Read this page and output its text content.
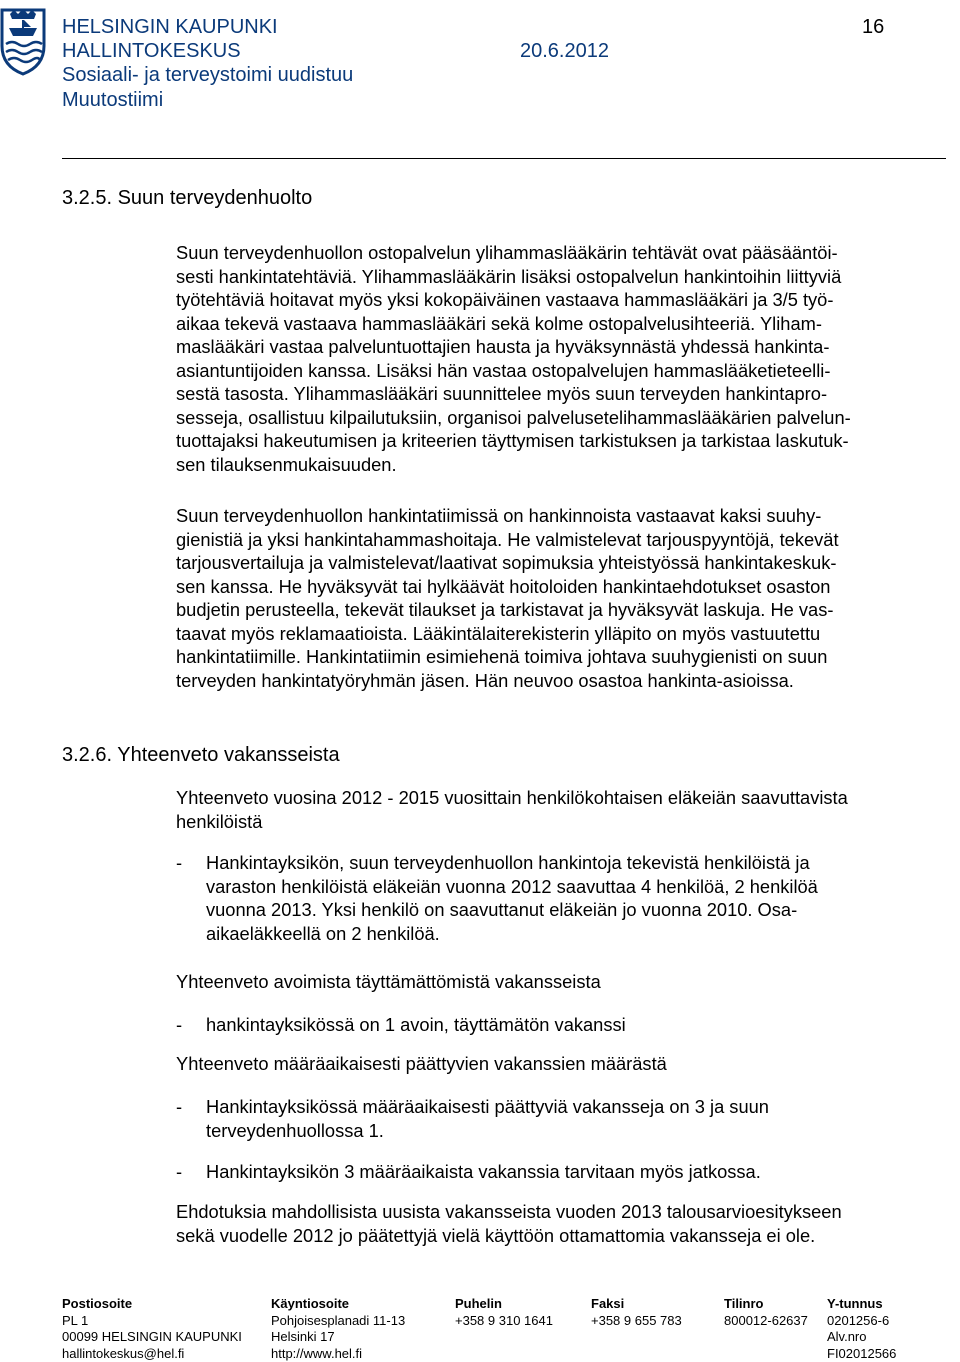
HELSINGIN KAUPUNKI
HALLINTOKESKUS	20.6.2012
Sosiaali- ja terveystoimi uudistuu
Muutostiimi
16
3.2.5. Suun terveydenhuolto
Suun terveydenhuollon ostopalvelun ylihammaslääkärin tehtävät ovat pääsääntöi-
sesti hankintatehtäviä. Ylihammaslääkärin lisäksi ostopalvelun hankintoihin liittyviä
työtehtäviä hoitavat myös yksi kokopäiväinen vastaava hammaslääkäri ja 3/5 työ-
aikaa tekevä vastaava hammaslääkäri sekä kolme ostopalvelusihteeriä. Yliham-
maslääkäri vastaa palveluntuottajien hausta ja hyväksynnästä yhdessä hankinta-
asiantuntijoiden kanssa. Lisäksi hän vastaa ostopalvelujen hammaslääketieteelli-
sestä tasosta. Ylihammaslääkäri suunnittelee myös suun terveyden hankintapro-
sesseja, osallistuu kilpailutuksiin, organisoi palvelusetelihammaslääkärien palvelun-
tuottajaksi hakeutumisen ja kriteerien täyttymisen tarkistuksen ja tarkistaa laskutuk-
sen tilauksenmukaisuuden.
Suun terveydenhuollon hankintatiimissä on hankinnoista vastaavat kaksi suuhy-
gienistiä ja yksi hankintahammashoitaja. He valmistelevat tarjouspyyntöjä, tekevät
tarjousvertailuja ja valmistelevat/laativat sopimuksia yhteistyössä hankintakeskuk-
sen kanssa. He hyväksyvät tai hylkäävät hoitoloiden hankintaehdotukset osaston
budjetin perusteella, tekevät tilaukset ja tarkistavat ja hyväksyvät laskuja. He vas-
taavat myös reklamaatioista. Lääkintälaiterekisterin ylläpito on myös vastuutettu
hankintatiimille. Hankintatiimin esimiehenä toimiva johtava suuhygienisti on suun
terveyden hankintatyöryhmän jäsen. Hän neuvoo osastoa hankinta-asioissa.
3.2.6. Yhteenveto vakansseista
Yhteenveto vuosina 2012 - 2015 vuosittain henkilökohtaisen eläkeiän saavuttavista
henkilöistä
- Hankintayksikön, suun terveydenhuollon hankintoja tekevistä henkilöistä ja
varaston henkilöistä eläkeiän vuonna 2012 saavuttaa 4 henkilöä, 2 henkilöä
vuonna 2013. Yksi henkilö on saavuttanut eläkeiän jo vuonna 2010. Osa-
aikaeläkkeellä on 2 henkilöä.
Yhteenveto avoimista täyttämättömistä vakansseista
- hankintayksikössä on 1 avoin, täyttämätön vakanssi
Yhteenveto määräaikaisesti päättyvien vakanssien määrästä
- Hankintayksikössä määräaikaisesti päättyviä vakansseja on 3 ja suun
terveydenhuollossa 1.
- Hankintayksikön 3 määräaikaista vakanssia tarvitaan myös jatkossa.
Ehdotuksia mahdollisista uusista vakansseista vuoden 2013 talousarvioesitykseen
sekä vuodelle 2012 jo päätettyjä vielä käyttöön ottamattomia vakansseja ei ole.
Postiosoite
PL 1
00099 HELSINGIN KAUPUNKI
hallintokeskus@hel.fi
Käyntiosoite
Pohjoisesplanadi 11-13
Helsinki 17
http://www.hel.fi
Puhelin
+358 9 310 1641
Faksi
+358 9 655 783
Tilinro
800012-62637
Y-tunnus
0201256-6
Alv.nro
FI02012566
